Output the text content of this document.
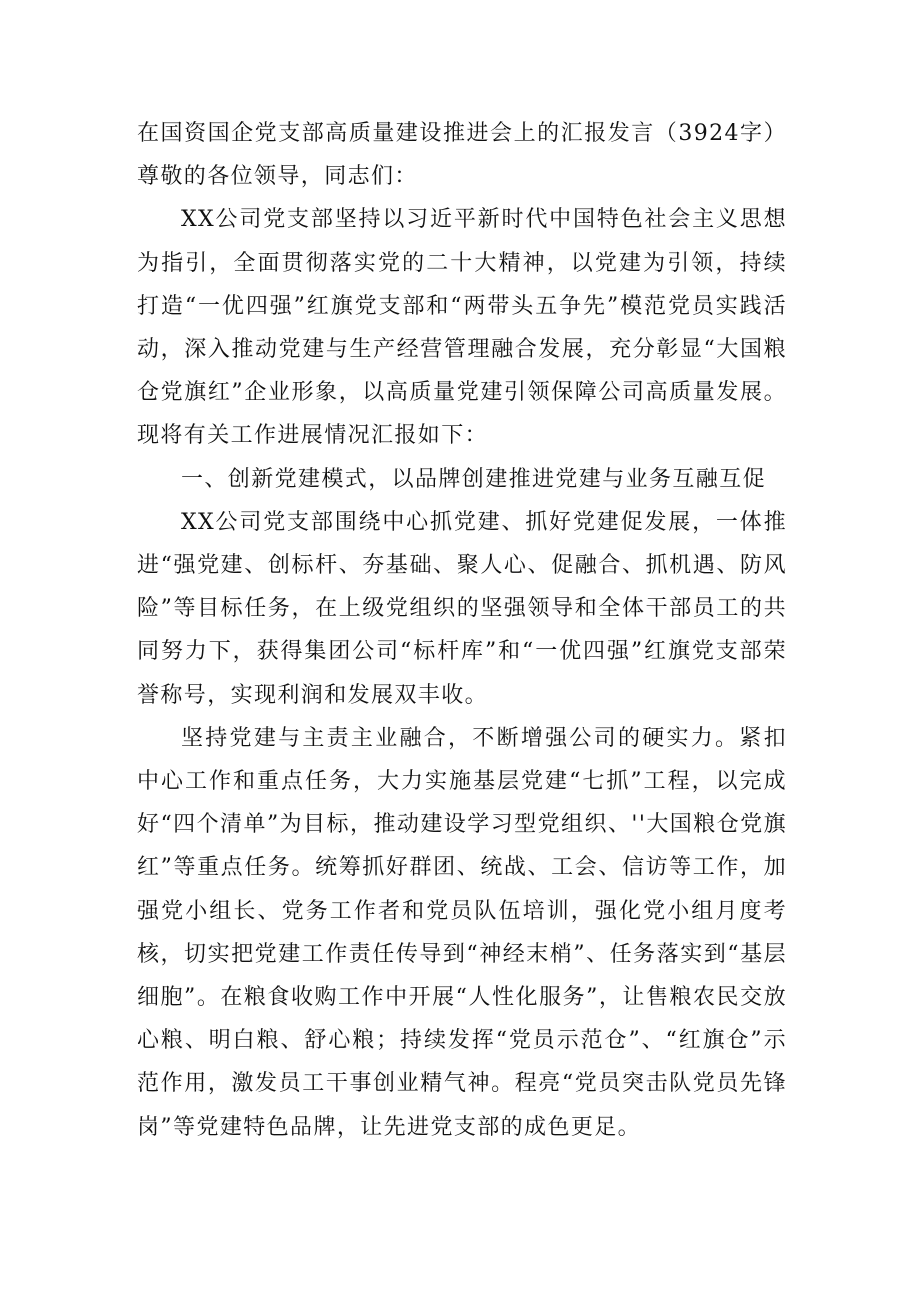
在国资国企党支部高质量建设推进会上的汇报发言（3924字）尊敬的各位领导，同志们：

XX公司党支部坚持以习近平新时代中国特色社会主义思想为指引，全面贯彻落实党的二十大精神，以党建为引领，持续打造“一优四强”红旗党支部和“两带头五争先”模范党员实践活动，深入推动党建与生产经营管理融合发展，充分彰显“大国粮仓党旗红”企业形象，以高质量党建引领保障公司高质量发展。现将有关工作进展情况汇报如下：

一、创新党建模式，以品牌创建推进党建与业务互融互促

XX公司党支部围绕中心抓党建、抓好党建促发展，一体推进“强党建、创标杆、夯基础、聚人心、促融合、抓机遇、防风险”等目标任务，在上级党组织的坚强领导和全体干部员工的共同努力下，获得集团公司“标杆库”和“一优四强”红旗党支部荣誉称号，实现利润和发展双丰收。

坚持党建与主责主业融合，不断增强公司的硬实力。紧扣中心工作和重点任务，大力实施基层党建“七抓”工程，以完成好“四个清单”为目标，推动建设学习型党组织、''大国粮仓党旗红”等重点任务。统筹抓好群团、统战、工会、信访等工作，加强党小组长、党务工作者和党员队伍培训，强化党小组月度考核，切实把党建工作责任传导到“神经末梢”、任务落实到“基层细胞”。在粮食收购工作中开展“人性化服务”，让售粮农民交放心粮、明白粮、舒心粮；持续发挥“党员示范仓”、“红旗仓”示范作用，激发员工干事创业精气神。程亮“党员突击队党员先锋岗”等党建特色品牌，让先进党支部的成色更足。
